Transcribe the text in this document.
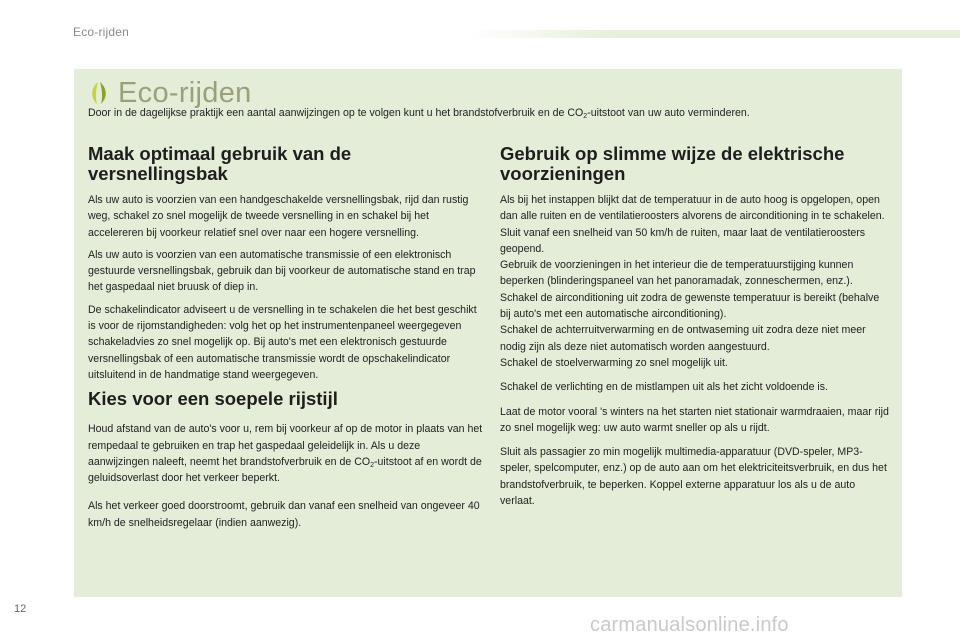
Eco-rijden
Eco-rijden
Door in de dagelijkse praktijk een aantal aanwijzingen op te volgen kunt u het brandstofverbruik en de $CO_2$-uitstoot van uw auto verminderen.
Maak optimaal gebruik van de versnellingsbak

Als uw auto is voorzien van een handgeschakelde versnellingsbak, rijd dan rustig weg, schakel zo snel mogelijk de tweede versnelling in en schakel bij het accelereren bij voorkeur relatief snel over naar een hogere versnelling.

Als uw auto is voorzien van een automatische transmissie of een elektronisch gestuurde versnellingsbak, gebruik dan bij voorkeur de automatische stand en trap het gaspedaal niet bruusk of diep in.

De schakelindicator adviseert u de versnelling in te schakelen die het best geschikt is voor de rijomstandigheden: volg het op het instrumentenpaneel weergegeven schakeladvies zo snel mogelijk op. Bij auto's met een elektronisch gestuurde versnellingsbak of een automatische transmissie wordt de opschakelindicator uitsluitend in de handmatige stand weergegeven.

Kies voor een soepele rijstijl

Houd afstand van de auto's voor u, rem bij voorkeur af op de motor in plaats van het rempedaal te gebruiken en trap het gaspedaal geleidelijk in. Als u deze aanwijzingen naleeft, neemt het brandstofverbruik en de $CO_2$-uitstoot af en wordt de geluidsoverlast door het verkeer beperkt.

Als het verkeer goed doorstroomt, gebruik dan vanaf een snelheid van ongeveer 40 km/h de snelheidsregelaar (indien aanwezig).

Gebruik op slimme wijze de elektrische voorzieningen

Als bij het instappen blijkt dat de temperatuur in de auto hoog is opgelopen, open dan alle ruiten en de ventilatieroosters alvorens de airconditioning in te schakelen.
Sluit vanaf een snelheid van 50 km/h de ruiten, maar laat de ventilatieroosters geopend.
Gebruik de voorzieningen in het interieur die de temperatuurstijging kunnen beperken (blinderingspaneel van het panoramadak, zonneschermen, enz.).
Schakel de airconditioning uit zodra de gewenste temperatuur is bereikt (behalve bij auto's met een automatische airconditioning).
Schakel de achterruitverwarming en de ontwaseming uit zodra deze niet meer nodig zijn als deze niet automatisch worden aangestuurd.
Schakel de stoelverwarming zo snel mogelijk uit.

Schakel de verlichting en de mistlampen uit als het zicht voldoende is.

Laat de motor vooral 's winters na het starten niet stationair warmdraaien, maar rijd zo snel mogelijk weg: uw auto warmt sneller op als u rijdt.

Sluit als passagier zo min mogelijk multimedia-apparatuur (DVD-speler, MP3-speler, spelcomputer, enz.) op de auto aan om het elektriciteitsverbruik, en dus het brandstofverbruik, te beperken. Koppel externe apparatuur los als u de auto verlaat.

12
carmanualsonline.info
